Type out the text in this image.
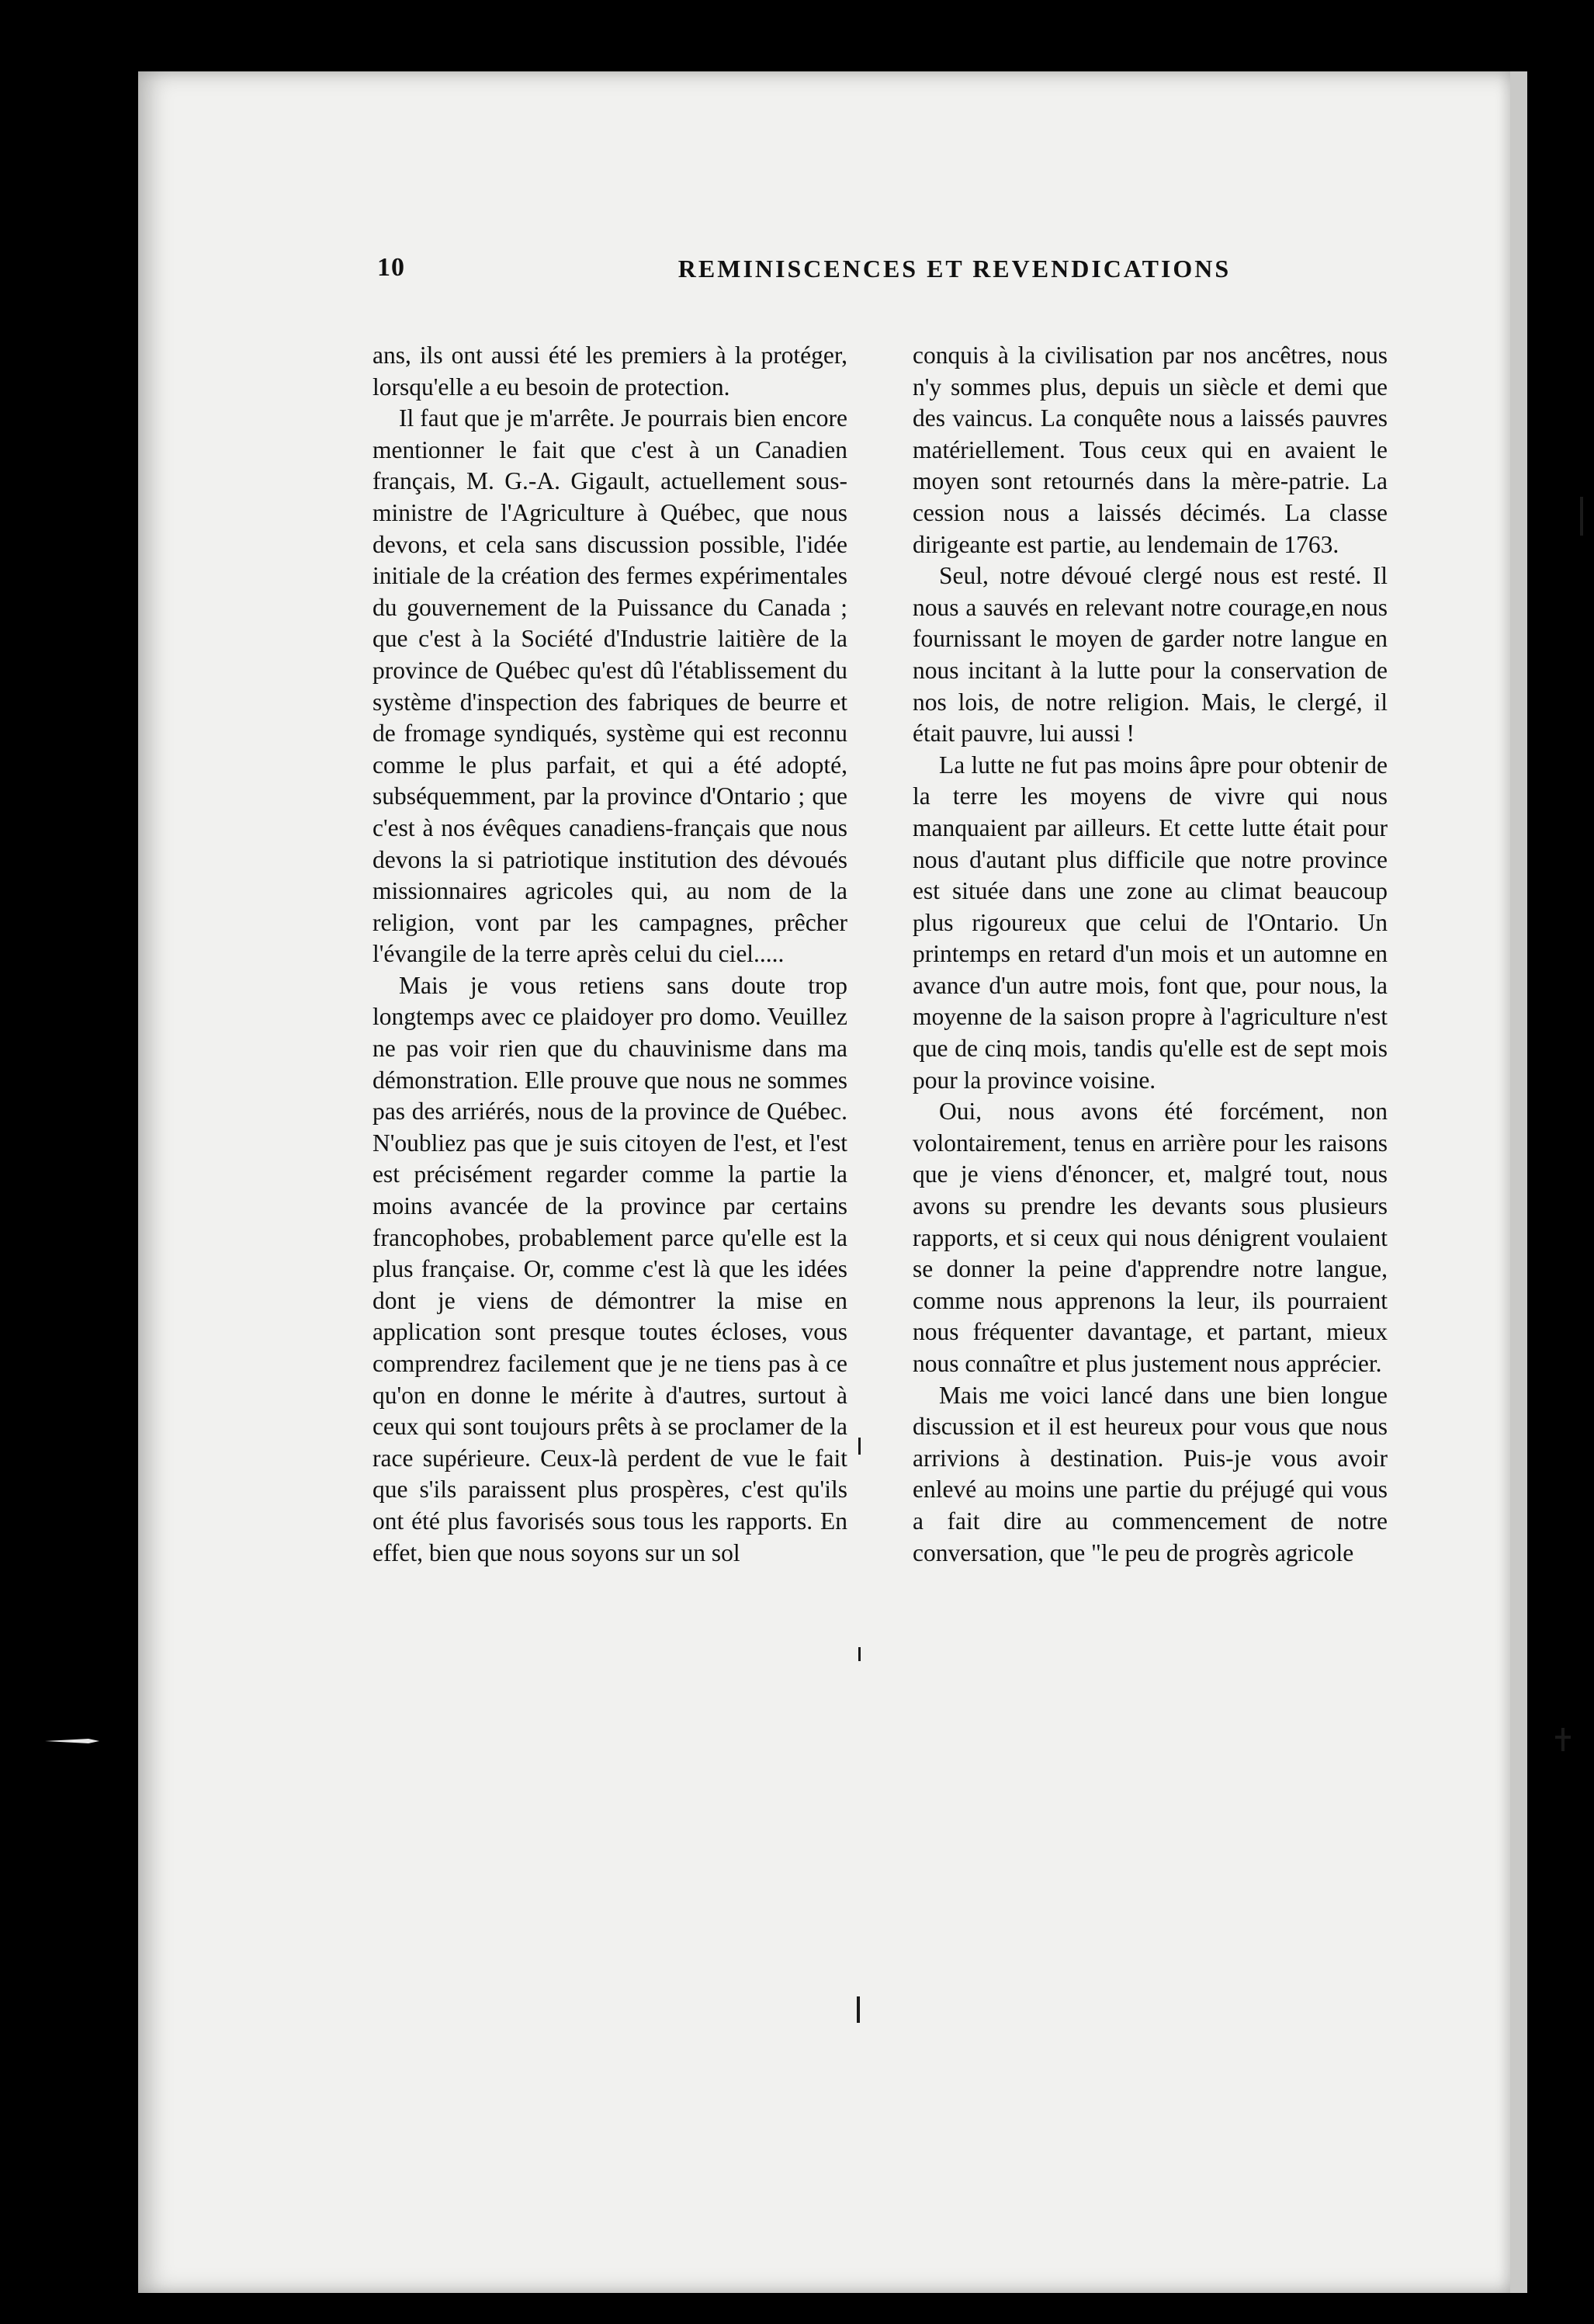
10	REMINISCENCES ET REVENDICATIONS

ans, ils ont aussi été les premiers à la protéger, lorsqu'elle a eu besoin de protection.

Il faut que je m'arrête. Je pourrais bien encore mentionner le fait que c'est à un Canadien français, M. G.-A. Gigault, actuellement sous-ministre de l'Agriculture à Québec, que nous devons, et cela sans discussion possible, l'idée initiale de la création des fermes expérimentales du gouvernement de la Puissance du Canada ; que c'est à la Société d'Industrie laitière de la province de Québec qu'est dû l'établissement du système d'inspection des fabriques de beurre et de fromage syndiqués, système qui est reconnu comme le plus parfait, et qui a été adopté, subséquemment, par la province d'Ontario ; que c'est à nos évêques canadiens-français que nous devons la si patriotique institution des dévoués missionnaires agricoles qui, au nom de la religion, vont par les campagnes, prêcher l'évangile de la terre après celui du ciel.....

Mais je vous retiens sans doute trop longtemps avec ce plaidoyer pro domo. Veuillez ne pas voir rien que du chauvinisme dans ma démonstration. Elle prouve que nous ne sommes pas des arriérés, nous de la province de Québec. N'oubliez pas que je suis citoyen de l'est, et l'est est précisément regarder comme la partie la moins avancée de la province par certains francophobes, probablement parce qu'elle est la plus française. Or, comme c'est là que les idées dont je viens de démontrer la mise en application sont presque toutes écloses, vous comprendrez facilement que je ne tiens pas à ce qu'on en donne le mérite à d'autres, surtout à ceux qui sont toujours prêts à se proclamer de la race supérieure. Ceux-là perdent de vue le fait que s'ils paraissent plus prospères, c'est qu'ils ont été plus favorisés sous tous les rapports. En effet, bien que nous soyons sur un sol

conquis à la civilisation par nos ancêtres, nous n'y sommes plus, depuis un siècle et demi que des vaincus. La conquête nous a laissés pauvres matériellement. Tous ceux qui en avaient le moyen sont retournés dans la mère-patrie. La cession nous a laissés décimés. La classe dirigeante est partie, au lendemain de 1763.

Seul, notre dévoué clergé nous est resté. Il nous a sauvés en relevant notre courage,en nous fournissant le moyen de garder notre langue en nous incitant à la lutte pour la conservation de nos lois, de notre religion. Mais, le clergé, il était pauvre, lui aussi !

La lutte ne fut pas moins âpre pour obtenir de la terre les moyens de vivre qui nous manquaient par ailleurs. Et cette lutte était pour nous d'autant plus difficile que notre province est située dans une zone au climat beaucoup plus rigoureux que celui de l'Ontario. Un printemps en retard d'un mois et un automne en avance d'un autre mois, font que, pour nous, la moyenne de la saison propre à l'agriculture n'est que de cinq mois, tandis qu'elle est de sept mois pour la province voisine.

Oui, nous avons été forcément, non volontairement, tenus en arrière pour les raisons que je viens d'énoncer, et, malgré tout, nous avons su prendre les devants sous plusieurs rapports, et si ceux qui nous dénigrent voulaient se donner la peine d'apprendre notre langue, comme nous apprenons la leur, ils pourraient nous fréquenter davantage, et partant, mieux nous connaître et plus justement nous apprécier.

Mais me voici lancé dans une bien longue discussion et il est heureux pour vous que nous arrivions à destination. Puis-je vous avoir enlevé au moins une partie du préjugé qui vous a fait dire au commencement de notre conversation, que "le peu de progrès agricole
